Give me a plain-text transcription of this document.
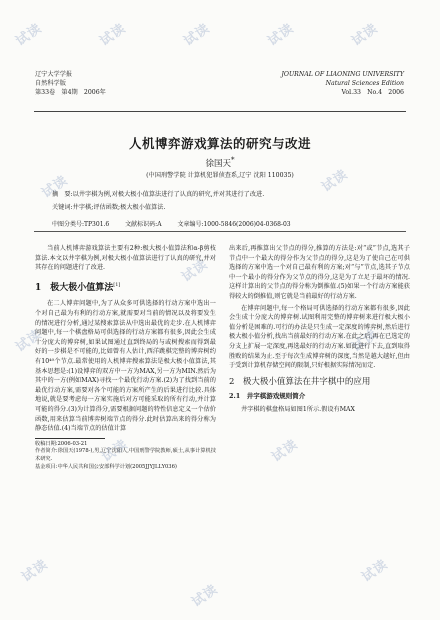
试读	试读	试读	试读	试读
试读	试读
试读
试读
试读
试读	试读
试读
试读
试读
辽宁大学学报
自然科学版
第33卷　第4期　2006年
JOURNAL OF LIAONING UNIVERSITY
Natural Sciences Edition
Vol.33　No.4　2006
人机博弈游戏算法的研究与改进
徐国天*
(中国刑警学院 计算机犯罪侦查系,辽宁 沈阳 110035)
摘　要:以井字棋为例,对极大极小值算法进行了认真的研究,并对其进行了改进.
关键词:井字棋;评估函数;极大极小值算法.
中图分类号:TP301.6	文献标识码:A	文章编号:1000-5846(2006)04-0368-03

当前人机博弈游戏算法主要有2种:极大极小值算法和α-β剪枝算法.本文以井字棋为例,对极大极小值算法进行了认真的研究,并对其存在的问题进行了改进.

1　极大极小值算法[1]

在二人博弈问题中,为了从众多可供选择的行动方案中选出一个对自己最为有利的行动方案,就需要对当前的情况以及将要发生的情况进行分析,通过某搜索算法从中选出最优的走步.在人机博弈问题中,每一个棋盘格局可供选择的行动方案都有很多,因此会生成十分庞大的博弈树,如果试图通过直到终局的与或树搜索而得到最好的一步棋是不可能的,比如曾有人估计,西洋跳棋完整的博弈树约有10⁴⁰个节点.最常使用的人机博弈搜索算法是极大极小值算法,其基本思想是:(1)设博弈的双方中一方为MAX,另一方为MIN.然后为其中的一方(例如MAX)寻找一个最优行动方案.(2)为了找到当前的最优行动方案,需要对各个可能的方案所产生的后果进行比较.具体地说,就是要考虑每一方案实施后对方可能采取的所有行动,并计算可能的得分.(3)为计算得分,需要根据问题的特性信息定义一个估价函数,用来估算当前博弈树端节点的得分.此时估算出来的得分称为静态估值.(4)当端节点的估值计算

收稿日期:2006-03-21
作者简介:徐国天(1978-),男,辽宁沈阳人,中国刑警学院教师,硕士,从事计算机技术研究.
基金项目:中华人民共和国公安部科学计划(2005JJYJLLY036)

出来后,再推算出父节点的得分,推算的方法是:对“或”节点,选其子节点中一个最大的得分作为父节点的得分,这是为了使自己在可供选择的方案中选一个对自己最有利的方案;对“与”节点,选其子节点中一个最小的得分作为父节点的得分,这是为了立足于最坏的情况.这样计算出的父节点的得分称为倒推值.(5)如果一个行动方案能获得较大的倒推值,则它就是当前最好的行动方案.

在博弈问题中,每一个格局可供选择的行动方案都有很多,因此会生成十分庞大的博弈树.试图利用完整的博弈树来进行极大极小值分析是困难的.可行的办法是只生成一定深度的博弈树,然后进行极大极小值分析,找出当前最好的行动方案.在此之后,再在已选定的分支上扩展一定深度,再选最好的行动方案.如此进行下去,直到取得胜败的结果为止.至于每次生成博弈树的深度,当然是越大越好,但由于受到计算机存储空间的限制,只好根据实际情况而定.

2　极大极小值算法在井字棋中的应用
2.1　井字棋游戏规则简介

井字棋的棋盘格局如图1所示.假设有MAX
